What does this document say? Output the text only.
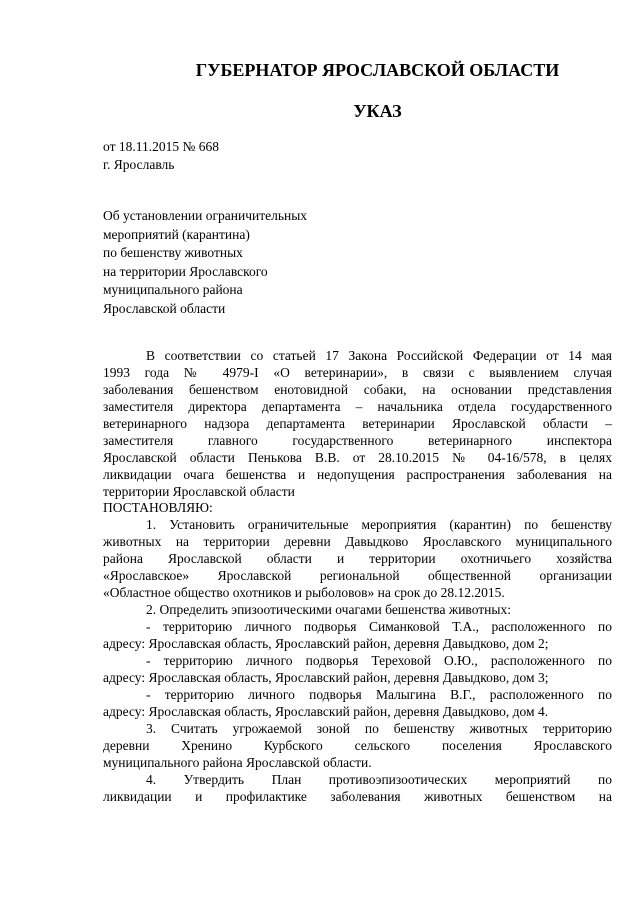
ГУБЕРНАТОР ЯРОСЛАВСКОЙ ОБЛАСТИ
УКАЗ

от 18.11.2015 № 668

г. Ярославль

Об установлении ограничительных
мероприятий (карантина)
по бешенству животных
на территории Ярославского
муниципального района
Ярославской области
В соответствии со статьей 17 Закона Российской Федерации от 14 мая
1993 года № 4979-I «О ветеринарии», в связи с выявлением случая
заболевания бешенством енотовидной собаки, на основании представления
заместителя директора департамента – начальника отдела государственного
ветеринарного надзора департамента ветеринарии Ярославской области –
заместителя главного государственного ветеринарного инспектора
Ярославской области Пенькова В.В. от 28.10.2015 № 04-16/578, в целях
ликвидации очага бешенства и недопущения распространения заболевания на
территории Ярославской области
ПОСТАНОВЛЯЮ:
1. Установить ограничительные мероприятия (карантин) по бешенству
животных на территории деревни Давыдково Ярославского муниципального
района Ярославской области и территории охотничьего хозяйства
«Ярославское» Ярославской региональной общественной организации
«Областное общество охотников и рыболовов» на срок до 28.12.2015.
2. Определить эпизоотическими очагами бешенства животных:
- территорию личного подворья Симанковой Т.А., расположенного по
адресу: Ярославская область, Ярославский район, деревня Давыдково, дом 2;
- территорию личного подворья Тереховой О.Ю., расположенного по
адресу: Ярославская область, Ярославский район, деревня Давыдково, дом 3;
- территорию личного подворья Малыгина В.Г., расположенного по
адресу: Ярославская область, Ярославский район, деревня Давыдково, дом 4.
3. Считать угрожаемой зоной по бешенству животных территорию
деревни Хренино Курбского сельского поселения Ярославского
муниципального района Ярославской области.
4. Утвердить План противоэпизоотических мероприятий по
ликвидации и профилактике заболевания животных бешенством на
